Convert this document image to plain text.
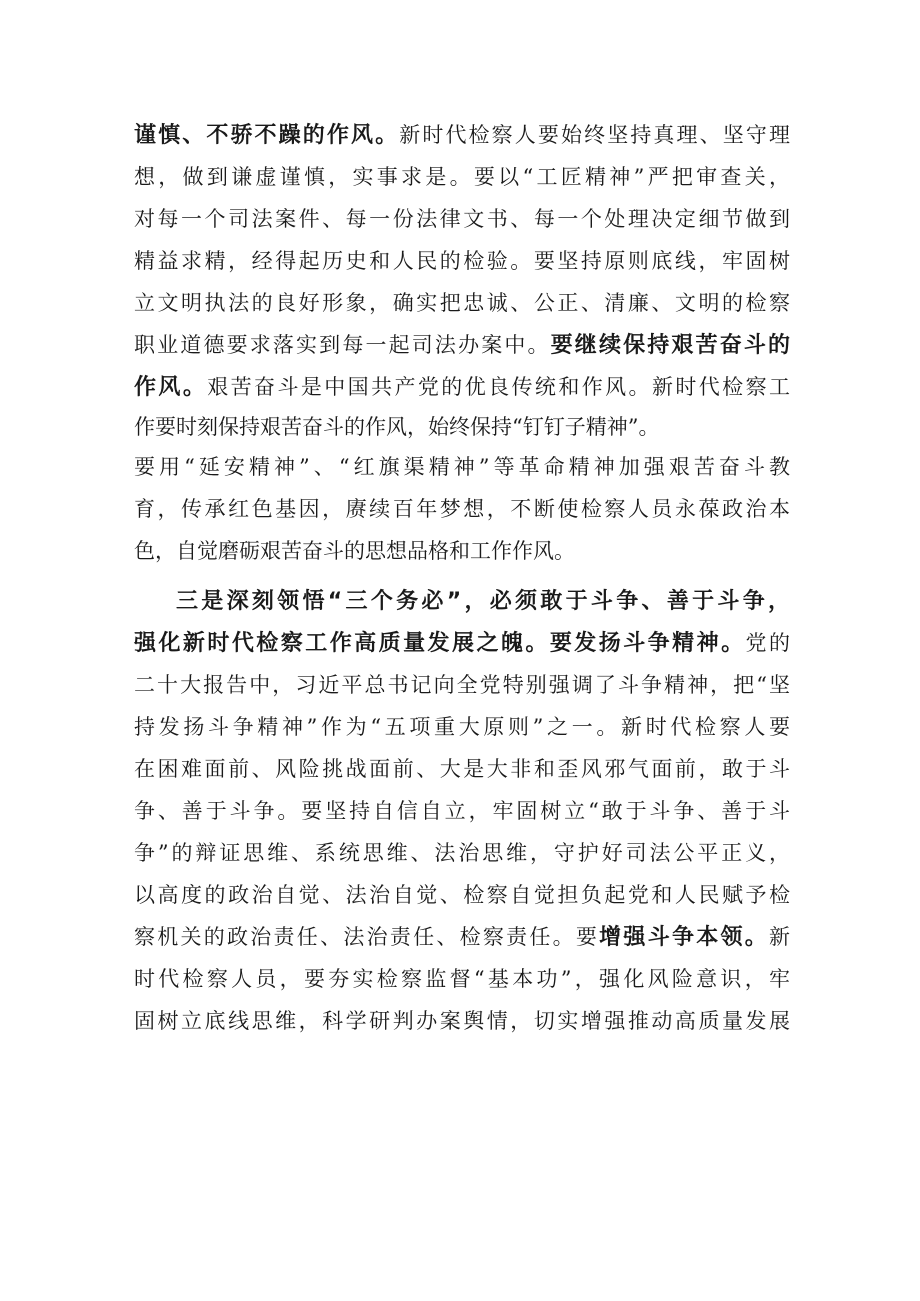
谨慎、不骄不躁的作风。新时代检察人要始终坚持真理、坚守理
想，做到谦虚谨慎，实事求是。要以“工匠精神”严把审查关，
对每一个司法案件、每一份法律文书、每一个处理决定细节做到
精益求精，经得起历史和人民的检验。要坚持原则底线，牢固树
立文明执法的良好形象，确实把忠诚、公正、清廉、文明的检察
职业道德要求落实到每一起司法办案中。要继续保持艰苦奋斗的
作风。艰苦奋斗是中国共产党的优良传统和作风。新时代检察工
作要时刻保持艰苦奋斗的作风，始终保持“钉钉子精神”。
要用“延安精神”、“红旗渠精神”等革命精神加强艰苦奋斗教
育，传承红色基因，赓续百年梦想，不断使检察人员永葆政治本
色，自觉磨砺艰苦奋斗的思想品格和工作作风。
三是深刻领悟“三个务必”，必须敢于斗争、善于斗争，
强化新时代检察工作高质量发展之魄。要发扬斗争精神。党的
二十大报告中，习近平总书记向全党特别强调了斗争精神，把“坚
持发扬斗争精神”作为“五项重大原则”之一。新时代检察人要
在困难面前、风险挑战面前、大是大非和歪风邪气面前，敢于斗
争、善于斗争。要坚持自信自立，牢固树立“敢于斗争、善于斗
争”的辩证思维、系统思维、法治思维，守护好司法公平正义，
以高度的政治自觉、法治自觉、检察自觉担负起党和人民赋予检
察机关的政治责任、法治责任、检察责任。要增强斗争本领。新
时代检察人员，要夯实检察监督“基本功”，强化风险意识，牢
固树立底线思维，科学研判办案舆情，切实增强推动高质量发展
